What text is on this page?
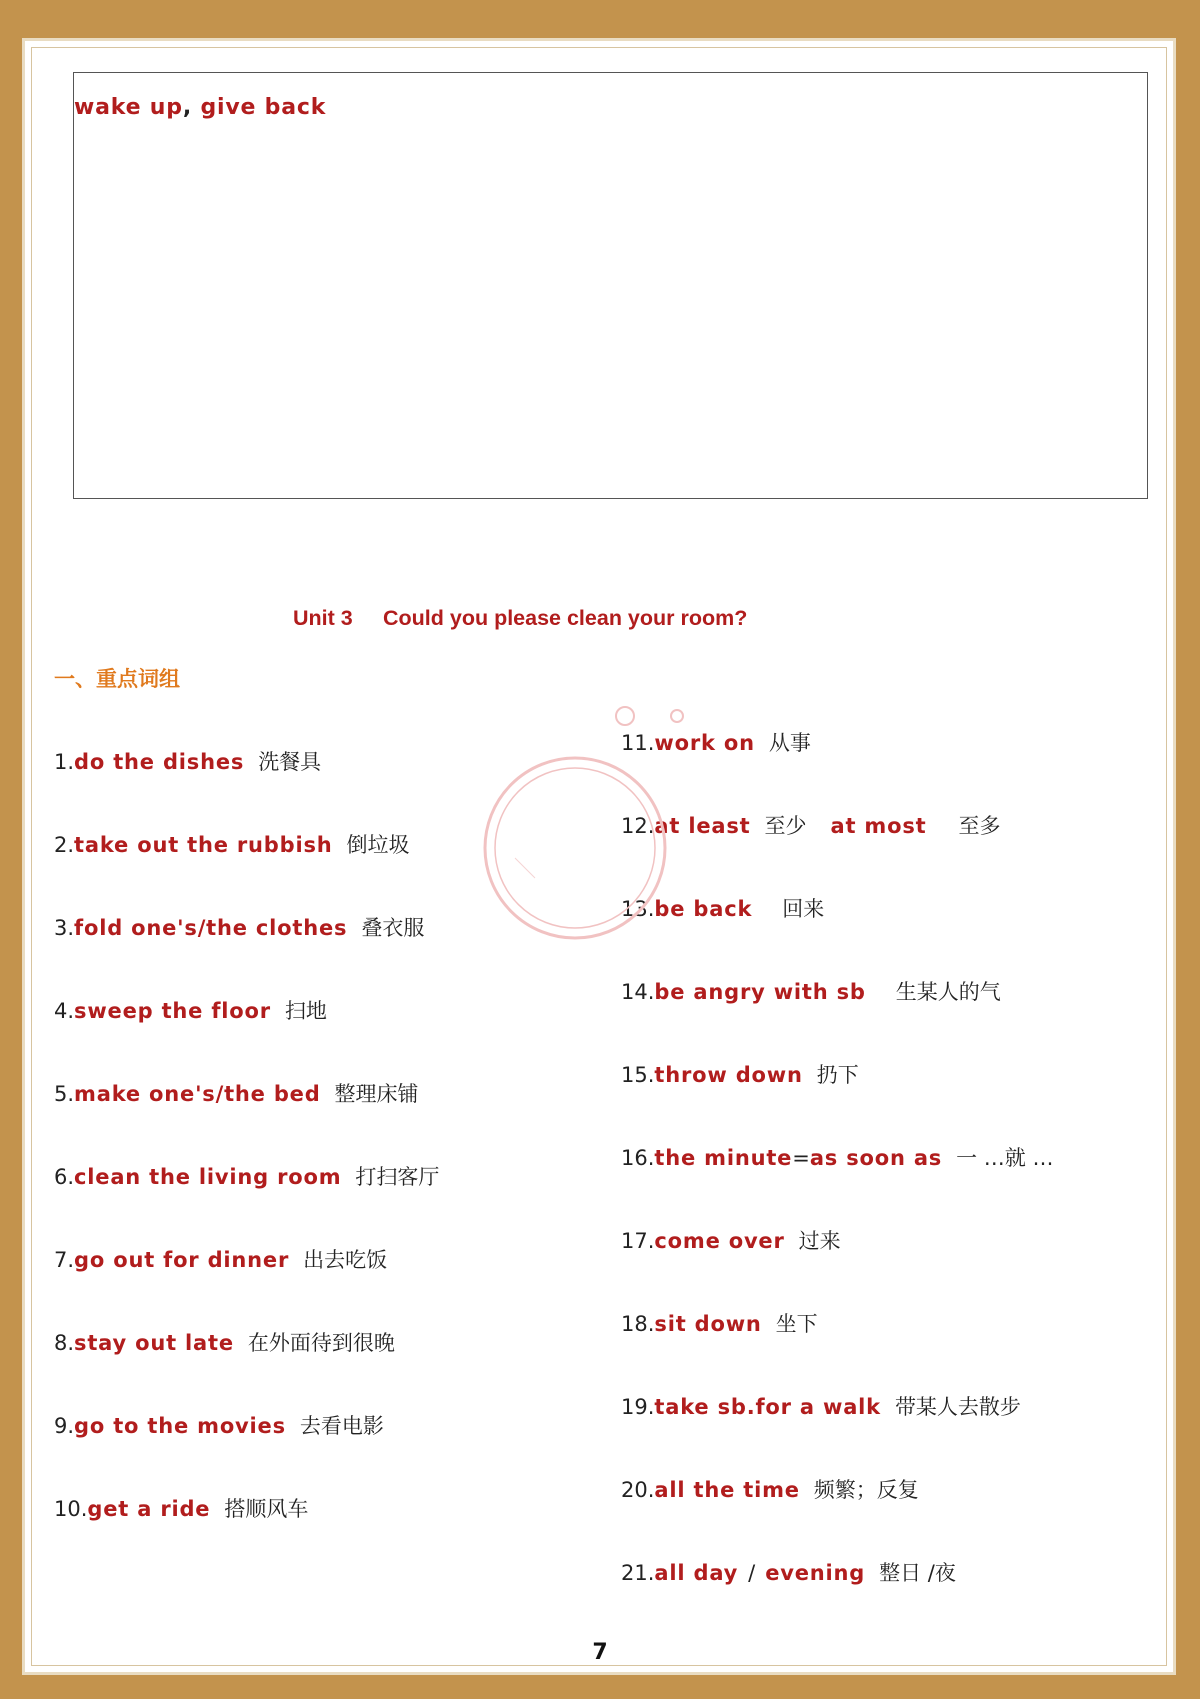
wake up, give back
Unit 3 Could you please clean your room?
一、重点词组
1.do the dishes 洗餐具
2.take out the rubbish 倒垃圾
3.fold one's/the clothes 叠衣服
4.sweep the floor 扫地
5.make one's/the bed 整理床铺
6.clean the living room 打扫客厅
7.go out for dinner 出去吃饭
8.stay out late 在外面待到很晚
9.go to the movies 去看电影
10.get a ride 搭顺风车
11.work on 从事
12.at least 至少 at most 至多
13.be back 回来
14.be angry with sb 生某人的气
15.throw down 扔下
16.the minute=as soon as 一 …就 …
17.come over 过来
18.sit down 坐下
19.take sb.for a walk 带某人去散步
20.all the time 频繁；反复
21.all day / evening 整日 /夜
7
